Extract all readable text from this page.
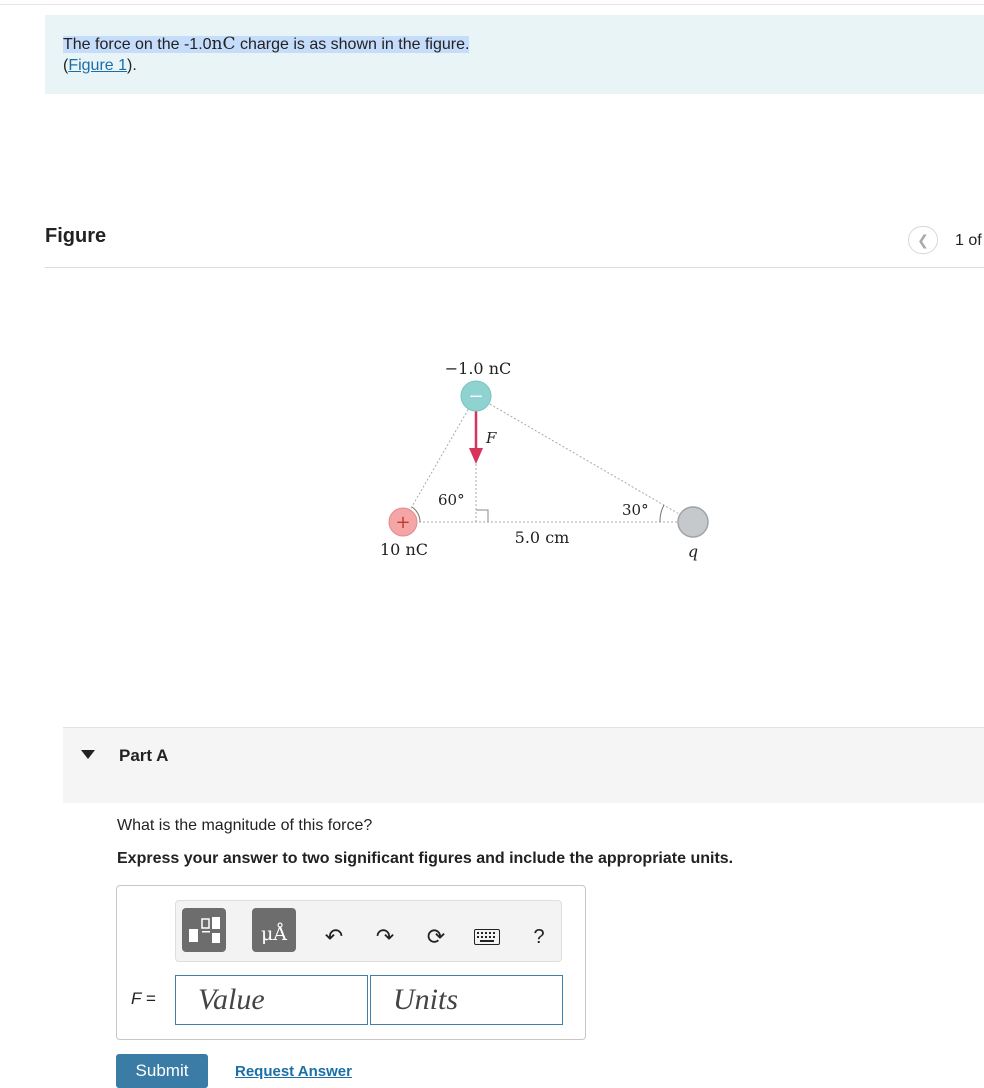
The force on the -1.0nC charge is as shown in the figure.
(Figure 1).
Figure	❮ 1 of
−
+
−1.0 nC
F
60°
30°
10 nC
5.0 cm
q
Part A
What is the magnitude of this force?
Express your answer to two significant figures and include the appropriate units.
μÅ ↶ ↷ ⟳	?
F =	Value	Units
Submit	Request Answer
